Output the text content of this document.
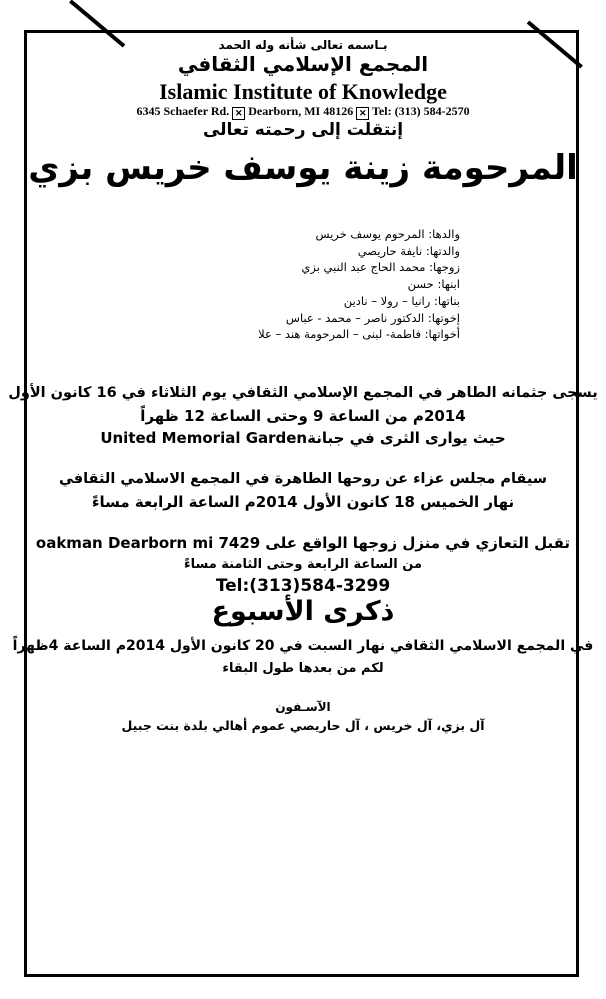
بـاسمه تعالى شأنه وله الحمد
المجمع الإسلامي الثقافي
Islamic Institute of Knowledge
6345 Schaefer Rd. ✕ Dearborn, MI 48126 ✕ Tel: (313) 584-2570
إنتقلت إلى رحمته تعالى
المرحومة زينة يوسف خريس بزي
والدها: المرحوم يوسف خريس
والدتها: نايفة حاريصي
زوجها: محمد الحاج عبد النبي بزي
ابنها: حسن
بناتها: رانيا – رولا – نادين
إخوتها: الدكتور ناصر – محمد - عباس
أخواتها: فاطمة- لبنى – المرحومة هند – علا
يسجى جثمانه الطاهر في المجمع الإسلامي الثقافي يوم الثلاثاء في 16 كانون الأول
2014م من الساعة 9 وحتى الساعة 12 ظهراً
حيث يوارى الثرى في جبانةUnited Memorial Garden
سيقام مجلس عزاء عن روحها الطاهرة في المجمع الاسلامي الثقافي
نهار الخميس 18 كانون الأول 2014م الساعة الرابعة مساءً
تقبل التعازي في منزل زوجها الواقع على 7429 oakman Dearborn mi
من الساعة الرابعة وحتى الثامنة مساءً
Tel:(313)584-3299
ذكرى الأسبوع
في المجمع الاسلامي الثقافي نهار السبت في 20 كانون الأول 2014م الساعة 4ظهراً
لكم من بعدها طول البقاء
الآسـفون
آل بزي، آل خريس ، آل حاريصي عموم أهالي بلدة بنت جبيل
